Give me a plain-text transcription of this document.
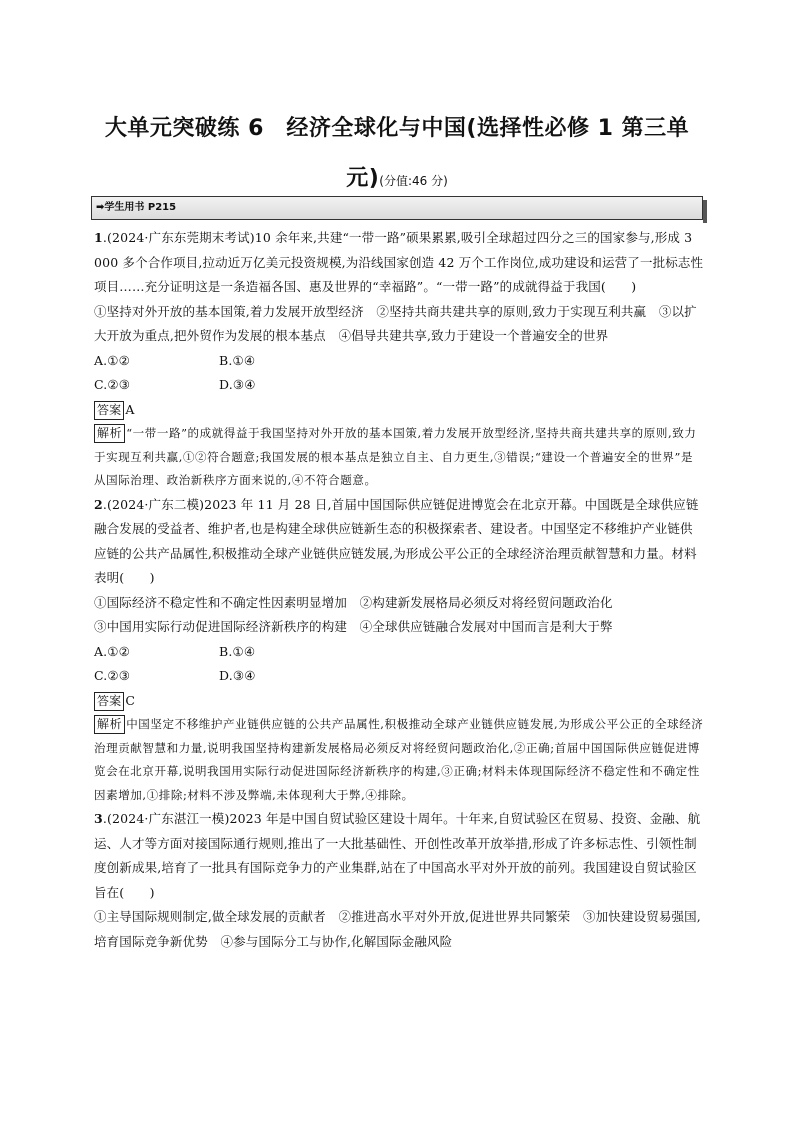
大单元突破练 6　经济全球化与中国(选择性必修 1 第三单元)(分值:46 分)
➡学生用书 P215

1.(2024·广东东莞期末考试)10 余年来,共建“一带一路”硕果累累,吸引全球超过四分之三的国家参与,形成 3 000 多个合作项目,拉动近万亿美元投资规模,为沿线国家创造 42 万个工作岗位,成功建设和运营了一批标志性项目……充分证明这是一条造福各国、惠及世界的“幸福路”。“一带一路”的成就得益于我国(　　)

①坚持对外开放的基本国策,着力发展开放型经济　②坚持共商共建共享的原则,致力于实现互利共赢　③以扩大开放为重点,把外贸作为发展的根本基点　④倡导共建共享,致力于建设一个普遍安全的世界

A.①②	B.①④
C.②③	D.③④

答案 A

解析 “一带一路”的成就得益于我国坚持对外开放的基本国策,着力发展开放型经济,坚持共商共建共享的原则,致力于实现互利共赢,①②符合题意;我国发展的根本基点是独立自主、自力更生,③错误;“建设一个普遍安全的世界”是从国际治理、政治新秩序方面来说的,④不符合题意。

2.(2024·广东二模)2023 年 11 月 28 日,首届中国国际供应链促进博览会在北京开幕。中国既是全球供应链融合发展的受益者、维护者,也是构建全球供应链新生态的积极探索者、建设者。中国坚定不移维护产业链供应链的公共产品属性,积极推动全球产业链供应链发展,为形成公平公正的全球经济治理贡献智慧和力量。材料表明(　　)

①国际经济不稳定性和不确定性因素明显增加　②构建新发展格局必须反对将经贸问题政治化

③中国用实际行动促进国际经济新秩序的构建　④全球供应链融合发展对中国而言是利大于弊

A.①②	B.①④
C.②③	D.③④

答案 C

解析 中国坚定不移维护产业链供应链的公共产品属性,积极推动全球产业链供应链发展,为形成公平公正的全球经济治理贡献智慧和力量,说明我国坚持构建新发展格局必须反对将经贸问题政治化,②正确;首届中国国际供应链促进博览会在北京开幕,说明我国用实际行动促进国际经济新秩序的构建,③正确;材料未体现国际经济不稳定性和不确定性因素增加,①排除;材料不涉及弊端,未体现利大于弊,④排除。

3.(2024·广东湛江一模)2023 年是中国自贸试验区建设十周年。十年来,自贸试验区在贸易、投资、金融、航运、人才等方面对接国际通行规则,推出了一大批基础性、开创性改革开放举措,形成了许多标志性、引领性制度创新成果,培育了一批具有国际竞争力的产业集群,站在了中国高水平对外开放的前列。我国建设自贸试验区旨在(　　)

①主导国际规则制定,做全球发展的贡献者　②推进高水平对外开放,促进世界共同繁荣　③加快建设贸易强国,培育国际竞争新优势　④参与国际分工与协作,化解国际金融风险
